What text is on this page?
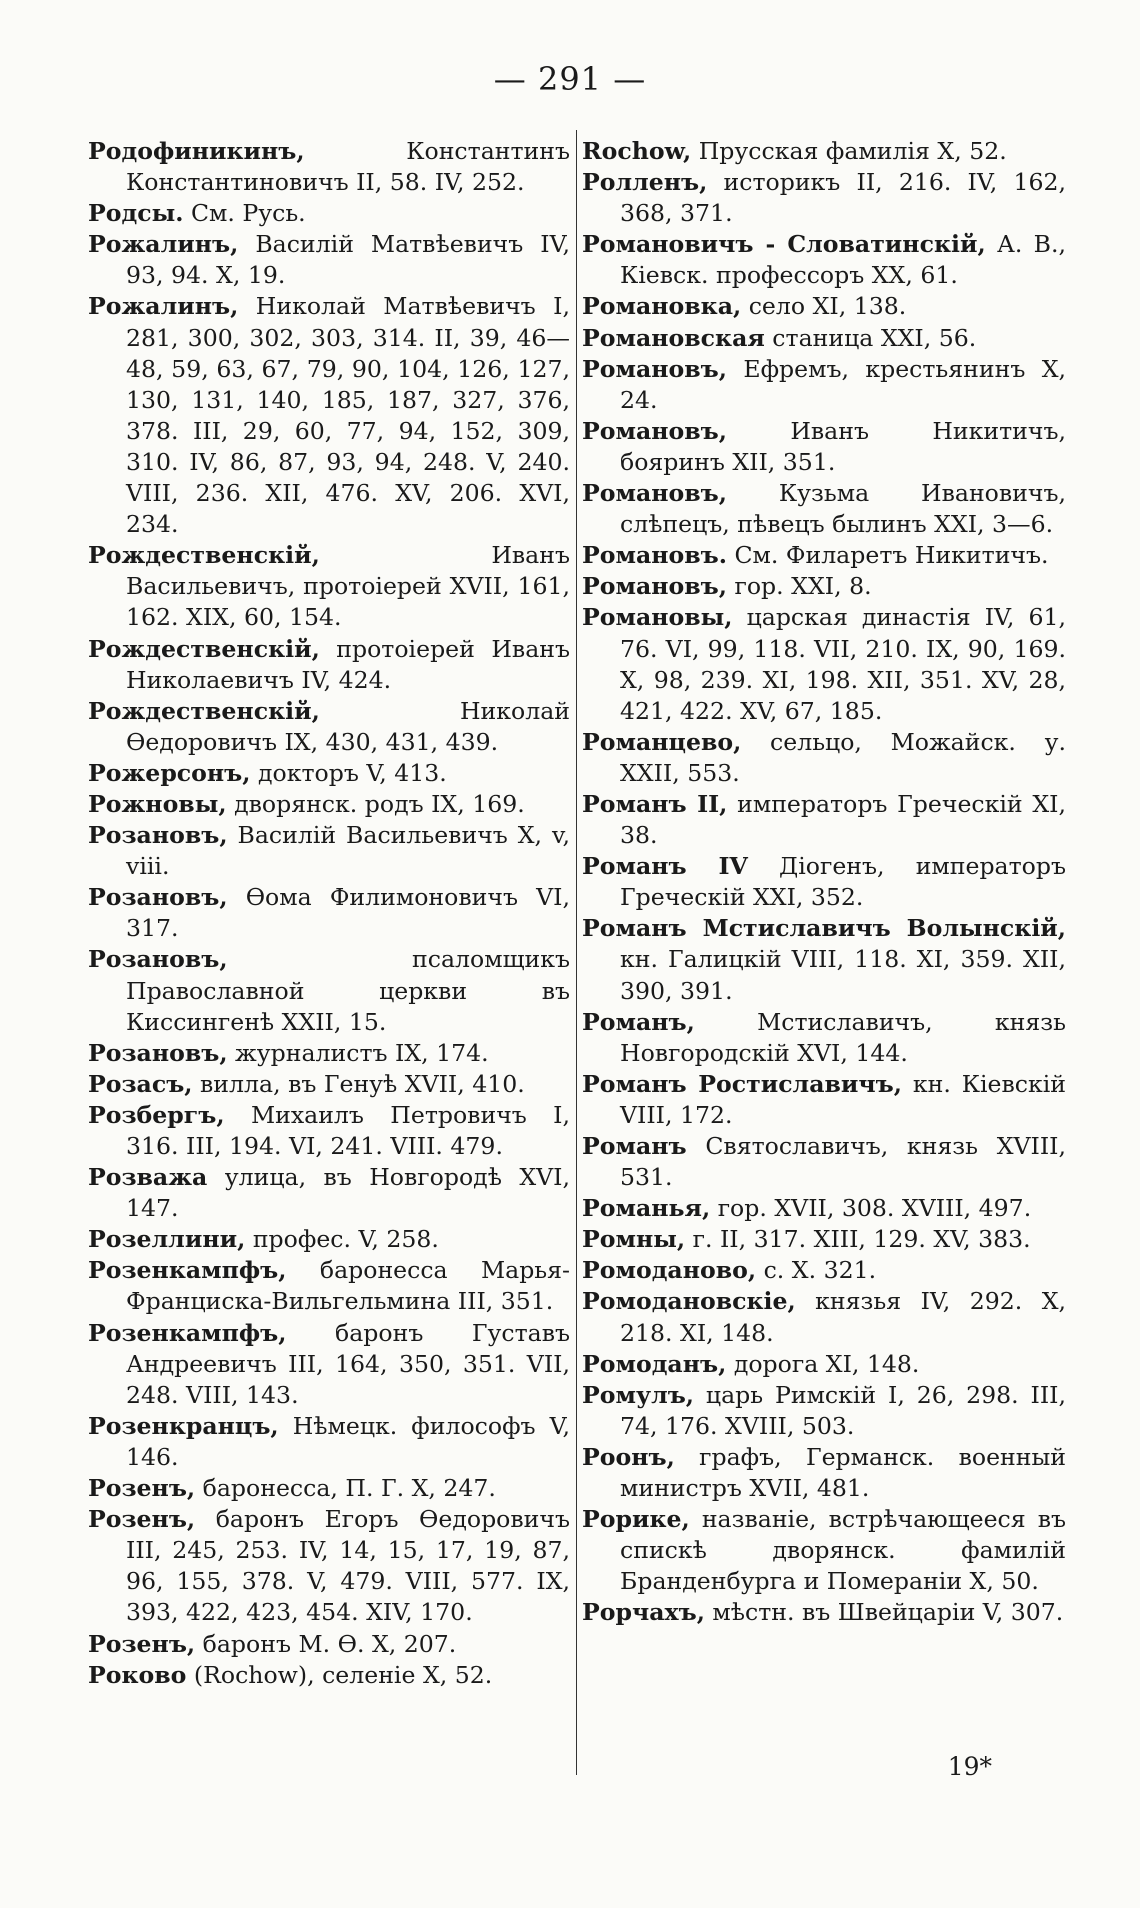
— 291 —
Родофиникинъ,	Константинъ Константиновичъ II, 58. IV, 252.
Родсы. См. Русь.
Рожалинъ, Василій Матвѣевичъ IV, 93, 94. X, 19.
Рожалинъ, Николай Матвѣевичъ I, 281, 300, 302, 303, 314. II, 39, 46—48, 59, 63, 67, 79, 90, 104, 126, 127, 130, 131, 140, 185, 187, 327, 376, 378. III, 29, 60, 77, 94, 152, 309, 310. IV, 86, 87, 93, 94, 248. V, 240. VIII, 236. XII, 476. XV, 206. XVI, 234.
Рождественскій,	Иванъ Васильевичъ, протоіерей XVII, 161, 162. XIX, 60, 154.
Рождественскій, протоіерей Иванъ Николаевичъ IV, 424.
Рождественскій,	Николай Ѳедоровичъ IX, 430, 431, 439.
Рожерсонъ, докторъ V, 413.
Рожновы, дворянск. родъ IX, 169.
Розановъ, Василій Васильевичъ X, v, viii.
Розановъ, Ѳома Филимоновичъ VI, 317.
Розановъ,	псаломщикъ Православной церкви въ Киссингенѣ XXII, 15.
Розановъ, журналистъ IX, 174.
Розасъ, вилла, въ Генуѣ XVII, 410.
Розбергъ, Михаилъ Петровичъ I, 316. III, 194. VI, 241. VIII. 479.
Розважа улица, въ Новгородѣ XVI, 147.
Розеллини, профес. V, 258.
Розенкампфъ, баронесса Марья-Франциска-Вильгельмина III, 351.
Розенкампфъ, баронъ Густавъ Андреевичъ III, 164, 350, 351. VII, 248. VIII, 143.
Розенкранцъ, Нѣмецк. философъ V, 146.
Розенъ, баронесса, П. Г. X, 247.
Розенъ, баронъ Егоръ Ѳедоровичъ III, 245, 253. IV, 14, 15, 17, 19, 87, 96, 155, 378. V, 479. VIII, 577. IX, 393, 422, 423, 454. XIV, 170.
Розенъ, баронъ М. Ѳ. X, 207.
Роково (Rochow), селеніе X, 52.
Rochow, Прусская фамилія X, 52.
Ролленъ, историкъ II, 216. IV, 162, 368, 371.
Романовичъ - Словатинскій, А. В., Кіевск. профессоръ XX, 61.
Романовка, село XI, 138.
Романовская станица XXI, 56.
Романовъ, Ефремъ, крестьянинъ X, 24.
Романовъ,	Иванъ Никитичъ, бояринъ XII, 351.
Романовъ, Кузьма Ивановичъ, слѣпецъ, пѣвецъ былинъ XXI, 3—6.
Романовъ. См. Филаретъ Никитичъ.
Романовъ, гор. XXI, 8.
Романовы, царская династія IV, 61, 76. VI, 99, 118. VII, 210. IX, 90, 169. X, 98, 239. XI, 198. XII, 351. XV, 28, 421, 422. XV, 67, 185.
Романцево, сельцо, Можайск. у. XXII, 553.
Романъ II, императоръ Греческій XI, 38.
Романъ IV Діогенъ, императоръ Греческій XXI, 352.
Романъ Мстиславичъ Волынскій, кн. Галицкій VIII, 118. XI, 359. XII, 390, 391.
Романъ,	Мстиславичъ, князь Новгородскій XVI, 144.
Романъ Ростиславичъ, кн. Кіевскій VIII, 172.
Романъ Святославичъ, князь XVIII, 531.
Романья, гор. XVII, 308. XVIII, 497.
Ромны, г. II, 317. XIII, 129. XV, 383.
Ромоданово, с. X. 321.
Ромодановскіе, князья IV, 292. X, 218. XI, 148.
Ромоданъ, дорога XI, 148.
Ромулъ, царь Римскій I, 26, 298. III, 74, 176. XVIII, 503.
Роонъ, графъ, Германск. военный министръ XVII, 481.
Рорике, названіе, встрѣчающееся въ спискѣ дворянск. фамилій Бранденбурга и Помераніи X, 50.
Рорчахъ, мѣстн. въ Швейцаріи V, 307.
19*
